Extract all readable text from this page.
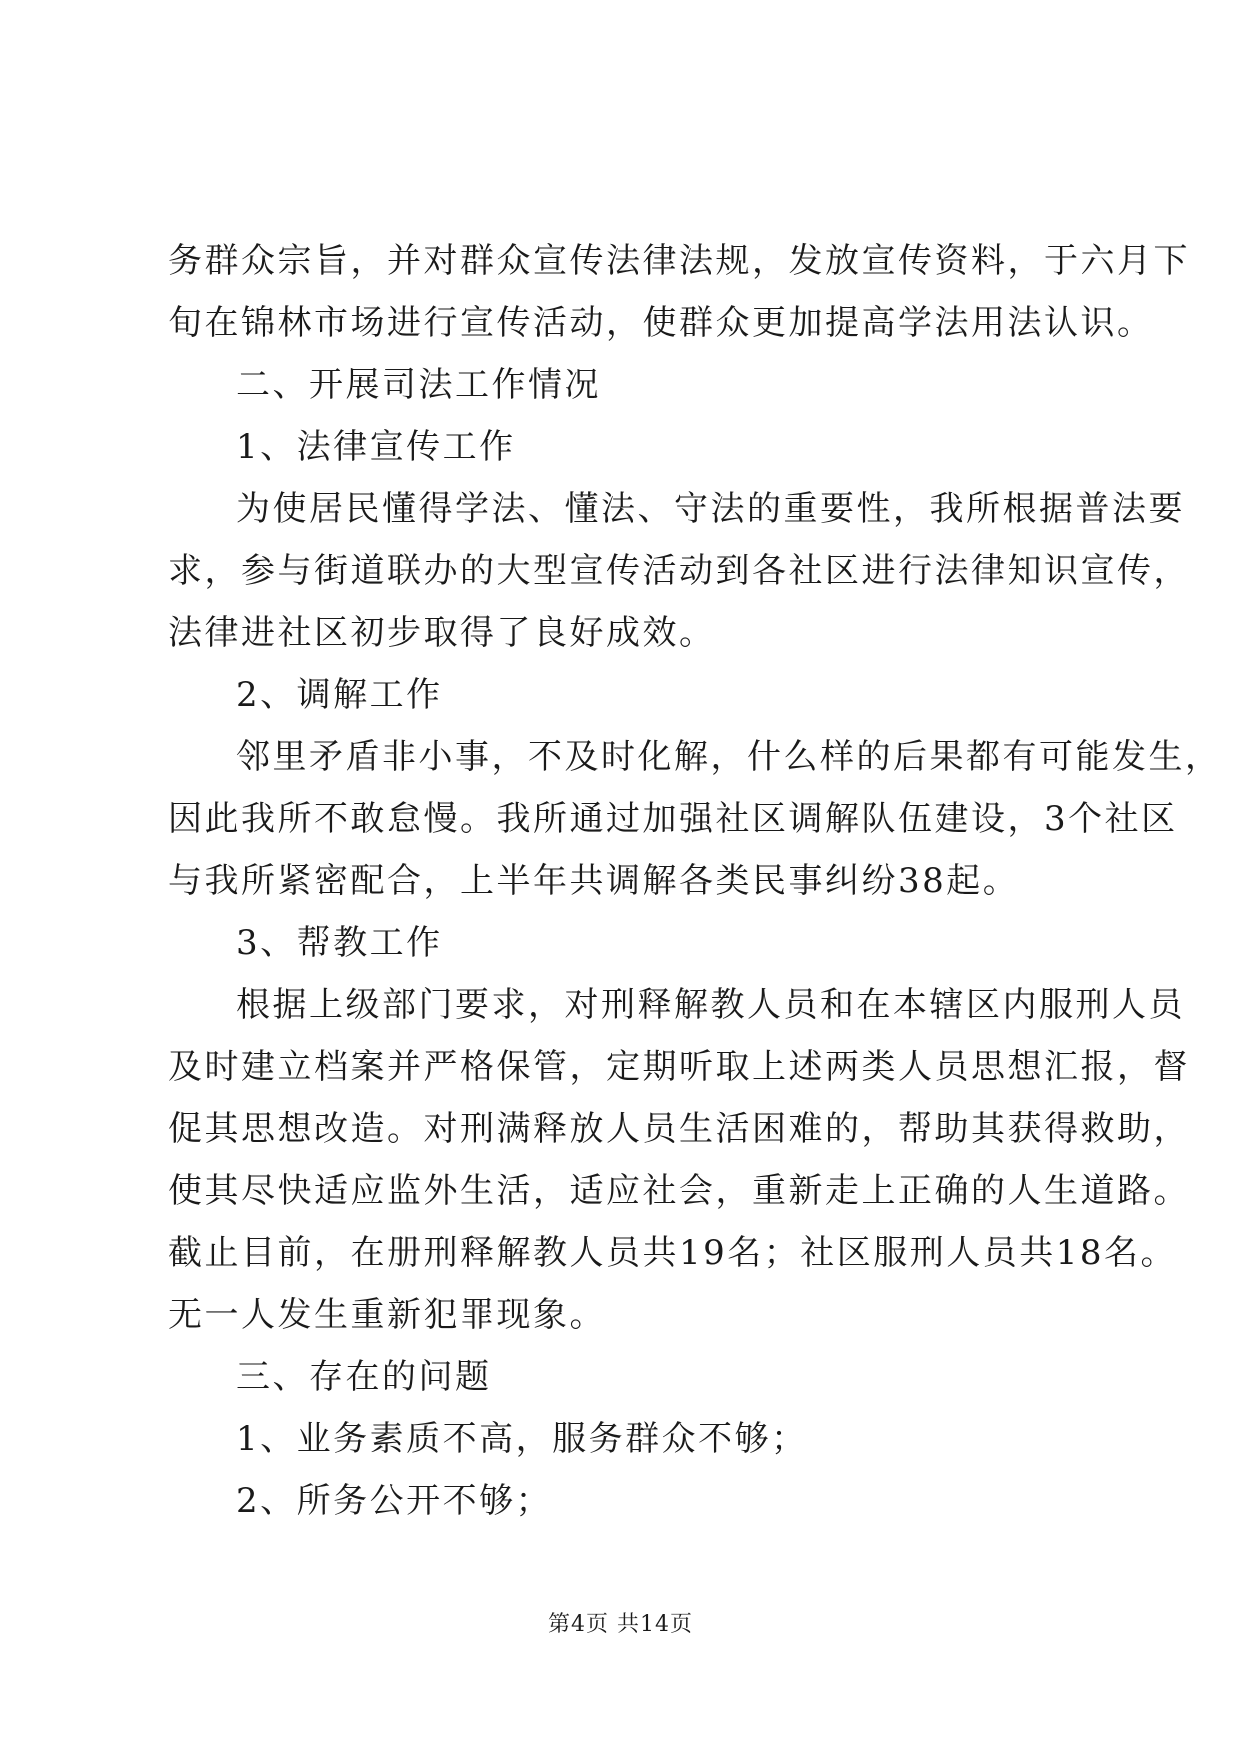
务群众宗旨，并对群众宣传法律法规，发放宣传资料，于六月下
旬在锦林市场进行宣传活动，使群众更加提高学法用法认识。
二、开展司法工作情况
1、法律宣传工作
为使居民懂得学法、懂法、守法的重要性，我所根据普法要
求，参与街道联办的大型宣传活动到各社区进行法律知识宣传，
法律进社区初步取得了良好成效。
2、调解工作
邻里矛盾非小事，不及时化解，什么样的后果都有可能发生，
因此我所不敢怠慢。我所通过加强社区调解队伍建设，3个社区
与我所紧密配合，上半年共调解各类民事纠纷38起。
3、帮教工作
根据上级部门要求，对刑释解教人员和在本辖区内服刑人员
及时建立档案并严格保管，定期听取上述两类人员思想汇报，督
促其思想改造。对刑满释放人员生活困难的，帮助其获得救助，
使其尽快适应监外生活，适应社会，重新走上正确的人生道路。
截止目前，在册刑释解教人员共19名；社区服刑人员共18名。
无一人发生重新犯罪现象。
三、存在的问题
1、业务素质不高，服务群众不够；
2、所务公开不够；
第4页 共14页
